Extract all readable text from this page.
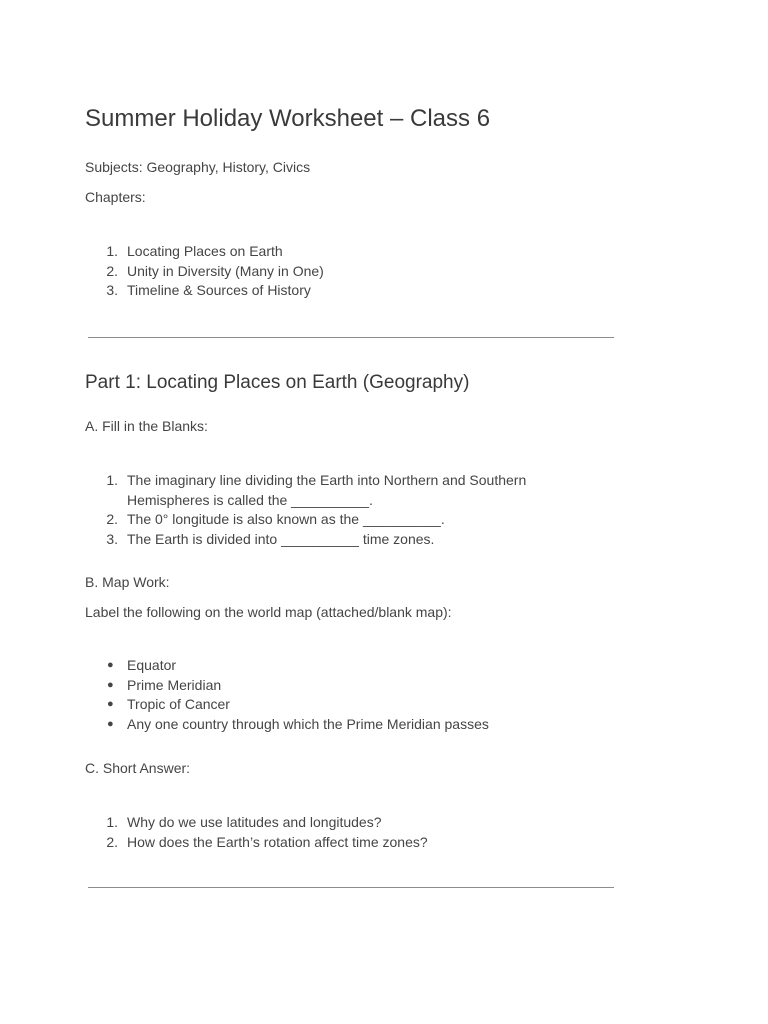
Summer Holiday Worksheet – Class 6
Subjects: Geography, History, Civics
Chapters:
1. Locating Places on Earth
2. Unity in Diversity (Many in One)
3. Timeline & Sources of History
Part 1: Locating Places on Earth (Geography)
A. Fill in the Blanks:
1. The imaginary line dividing the Earth into Northern and Southern
Hemispheres is called the __________.
2. The 0° longitude is also known as the __________.
3. The Earth is divided into __________ time zones.
B. Map Work:
Label the following on the world map (attached/blank map):
● Equator
● Prime Meridian
● Tropic of Cancer
● Any one country through which the Prime Meridian passes
C. Short Answer:
1. Why do we use latitudes and longitudes?
2. How does the Earth’s rotation affect time zones?
